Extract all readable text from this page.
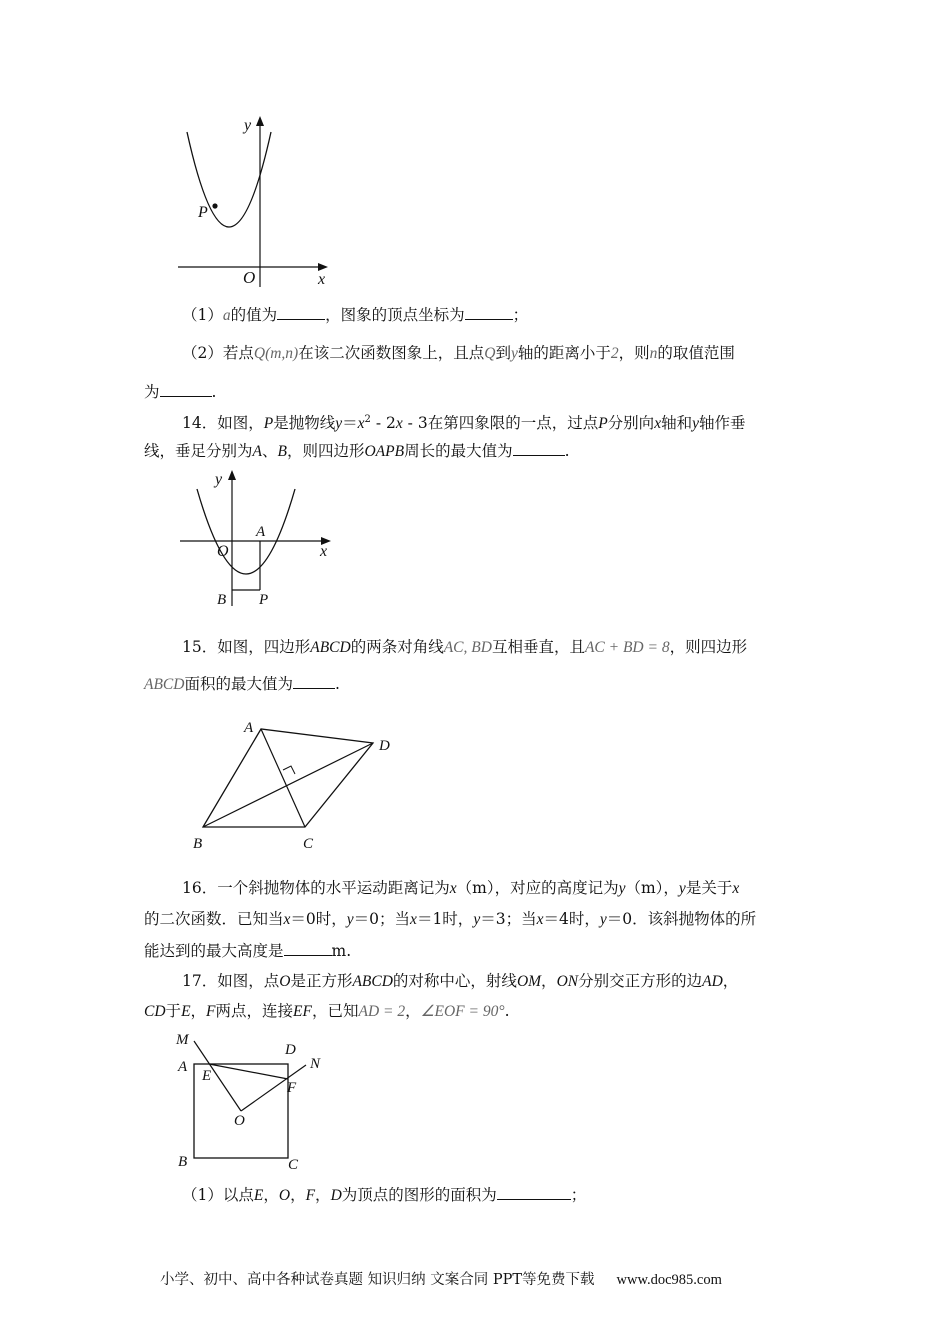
y
x
O
P
（1）a的值为	，图象的顶点坐标为	；
（2）若点Q(m,n)在该二次函数图象上，且点Q到y轴的距离小于2，则n的取值范围
为	.
14．如图，P是抛物线$y=x^2 - 2x - 3$在第四象限的一点，过点P分别向x轴和y轴作垂
线，垂足分别为A、B，则四边形OAPB周长的最大值为	.
y
x
O
A
B P
15．如图，四边形ABCD的两条对角线AC, BD互相垂直，且AC + BD = 8，则四边形
ABCD面积的最大值为	.
A
B	C
D
16．一个斜抛物体的水平运动距离记为x（m），对应的高度记为y（m），y是关于x
的二次函数．已知当x＝0时，y＝0；当x＝1时，y＝3；当x＝4时，y＝0．该斜抛物体的所
能达到的最大高度是	m.
17．如图，点O是正方形ABCD的对称中心，射线OM，ON分别交正方形的边AD，
CD于E，F两点，连接EF，已知AD = 2，∠EOF = 90°.
M
A
E
D
N
F
O
B	C
（1）以点E，O，F，D为顶点的图形的面积为	；
小学、初中、高中各种试卷真题 知识归纳 文案合同 PPT等免费下载 www.doc985.com
